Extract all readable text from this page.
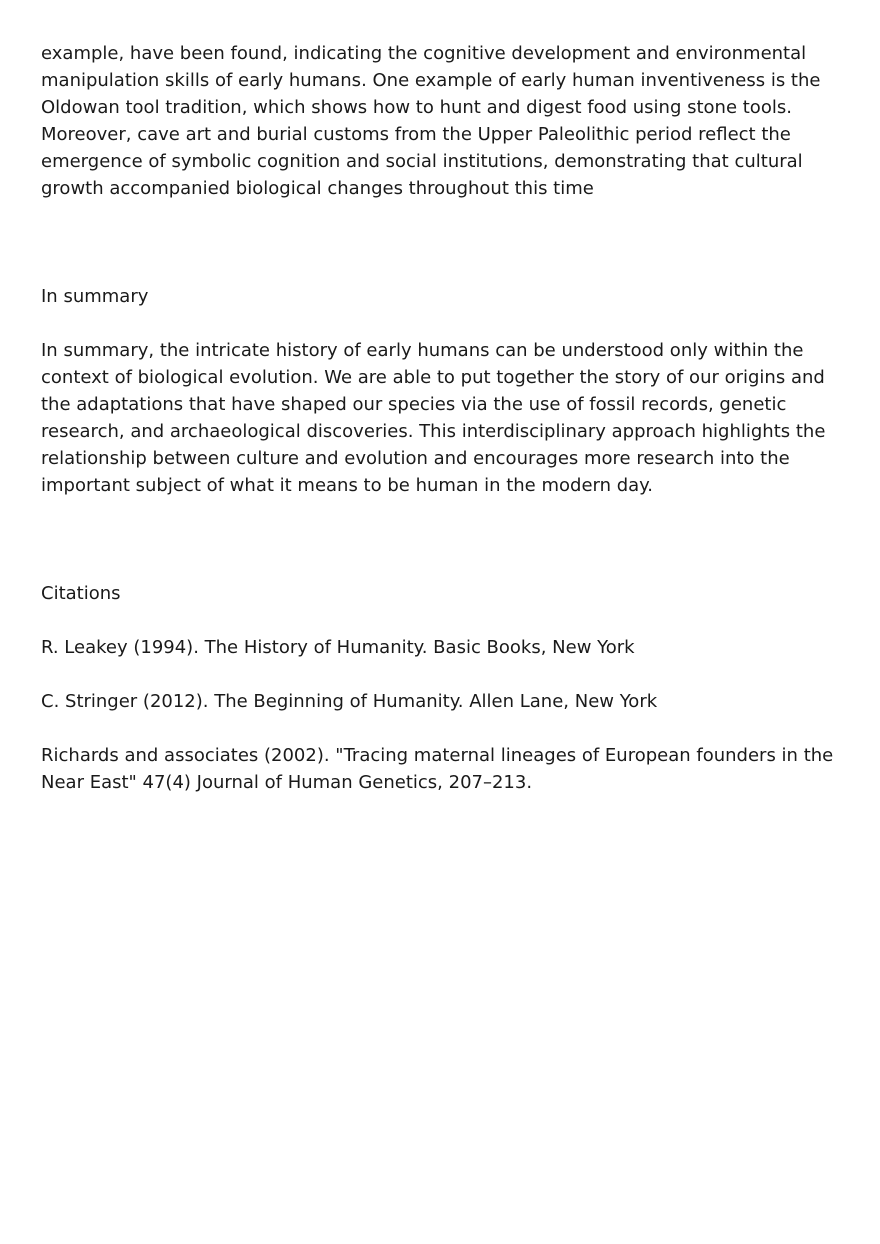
example, have been found, indicating the cognitive development and environmental manipulation skills of early humans. One example of early human inventiveness is the Oldowan tool tradition, which shows how to hunt and digest food using stone tools. Moreover, cave art and burial customs from the Upper Paleolithic period reflect the emergence of symbolic cognition and social institutions, demonstrating that cultural growth accompanied biological changes throughout this time

In summary

In summary, the intricate history of early humans can be understood only within the context of biological evolution. We are able to put together the story of our origins and the adaptations that have shaped our species via the use of fossil records, genetic research, and archaeological discoveries. This interdisciplinary approach highlights the relationship between culture and evolution and encourages more research into the important subject of what it means to be human in the modern day.

Citations

R. Leakey (1994). The History of Humanity. Basic Books, New York

C. Stringer (2012). The Beginning of Humanity. Allen Lane, New York

Richards and associates (2002). "Tracing maternal lineages of European founders in the Near East" 47(4) Journal of Human Genetics, 207–213.
